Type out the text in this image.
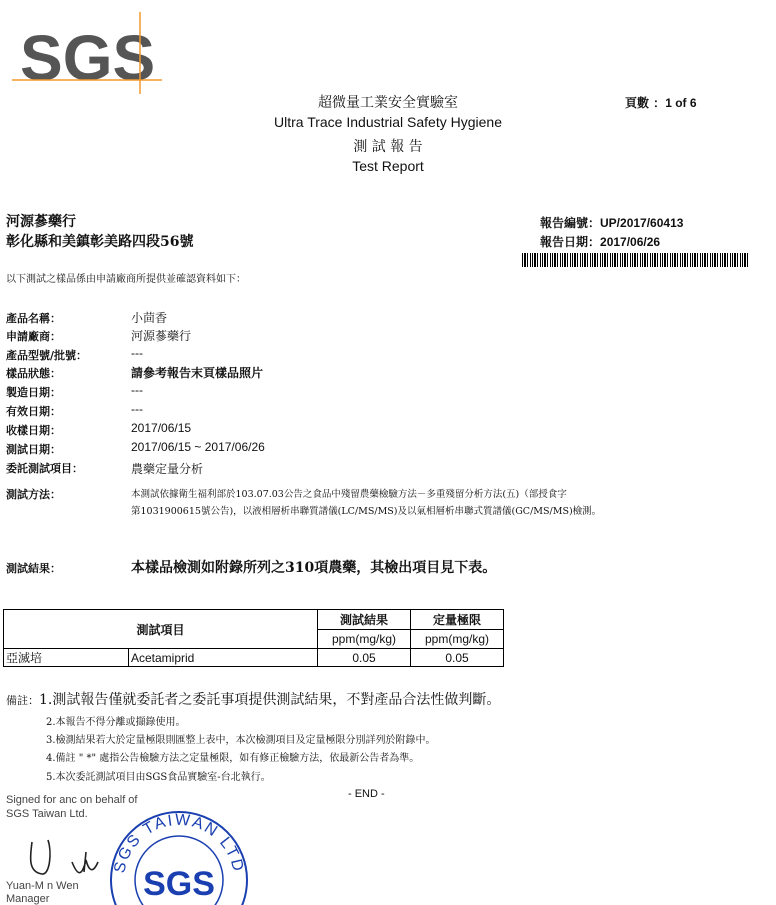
SGS
超微量工業安全實驗室
Ultra Trace Industrial Safety Hygiene
測 試 報 告
Test Report
頁數 ：1 of 6
河源蔘藥行
彰化縣和美鎮彰美路四段56號
報告編號：UP/2017/60413
報告日期：2017/06/26
以下測試之樣品係由申請廠商所提供並確認資料如下：
產品名稱：	小茴香
申請廠商：	河源蔘藥行
產品型號/批號：	---
樣品狀態：	請參考報告末頁樣品照片
製造日期：	---
有效日期：	---
收樣日期：	2017/06/15
測試日期：	2017/06/15 ~ 2017/06/26
委託測試項目：	農藥定量分析
測試方法：	本測試依據衛生福利部於103.07.03公告之食品中殘留農藥檢驗方法－多重殘留分析方法(五)（部授食字
第1031900615號公告)，以液相層析串聯質譜儀(LC/MS/MS)及以氣相層析串聯式質譜儀(GC/MS/MS)檢測。
測試結果：	本樣品檢測如附錄所列之310項農藥，其檢出項目見下表。
測試項目		測試結果	定量極限
		ppm(mg/kg)	ppm(mg/kg)
亞滅培	Acetamiprid	0.05	0.05
備註：1.測試報告僅就委託者之委託事項提供測試結果，不對產品合法性做判斷。
2.本報告不得分離或擷錄使用。
3.檢測結果若大於定量極限則匯整上表中，本次檢測項目及定量極限分別詳列於附錄中。
4.備註 " *" 處指公告檢驗方法之定量極限，如有修正檢驗方法，依最新公告者為準。
5.本次委託測試項目由SGS食品實驗室-台北執行。
- END -
Signed for anc on behalf of
SGS Taiwan Ltd.
Yuan-M n Wen
Manager
SGS TAIWAN LTD
SGS
